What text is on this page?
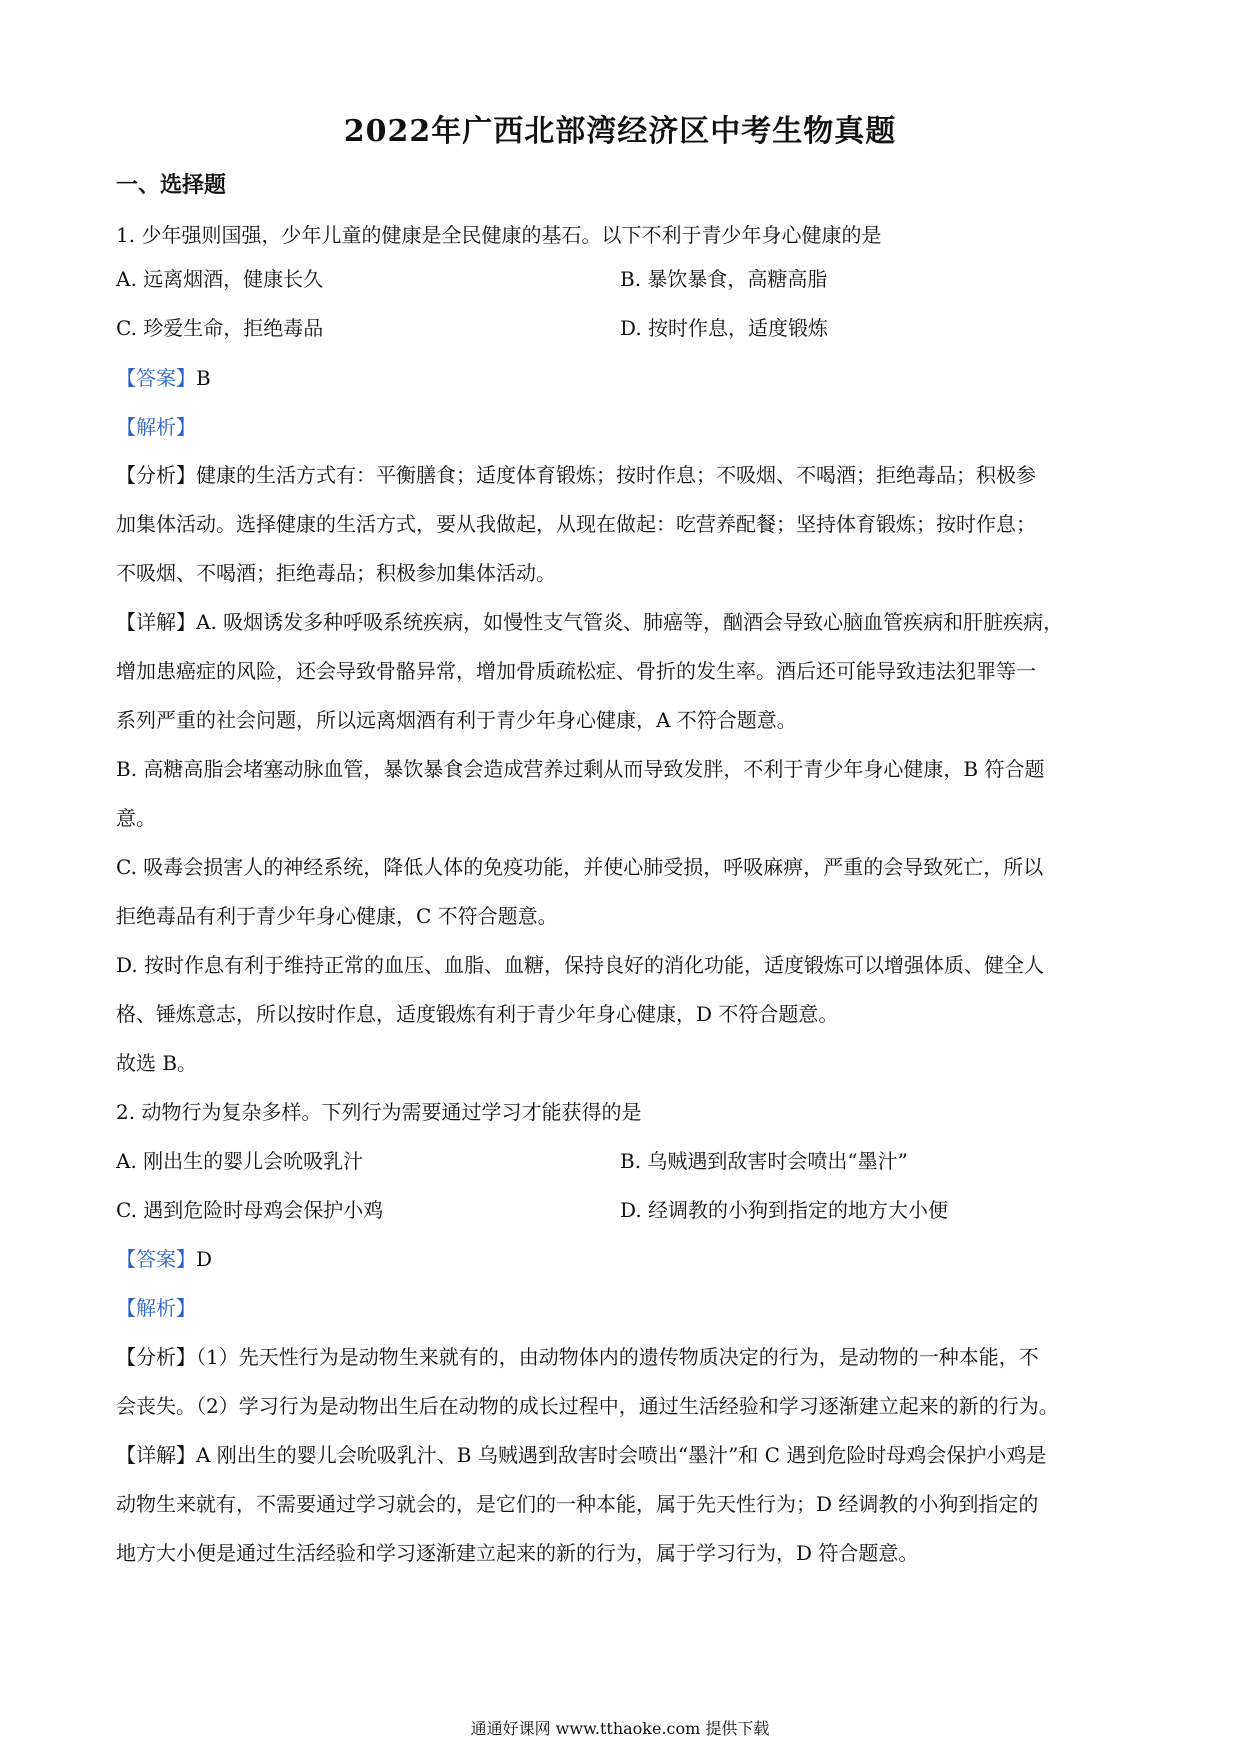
2022年广西北部湾经济区中考生物真题
一、选择题
1. 少年强则国强，少年儿童的健康是全民健康的基石。以下不利于青少年身心健康的是
A. 远离烟酒，健康长久	B. 暴饮暴食，高糖高脂
C. 珍爱生命，拒绝毒品	D. 按时作息，适度锻炼
【答案】B
【解析】
【分析】健康的生活方式有：平衡膳食；适度体育锻炼；按时作息；不吸烟、不喝酒；拒绝毒品；积极参
加集体活动。选择健康的生活方式，要从我做起，从现在做起：吃营养配餐；坚持体育锻炼；按时作息；
不吸烟、不喝酒；拒绝毒品；积极参加集体活动。
【详解】A. 吸烟诱发多种呼吸系统疾病，如慢性支气管炎、肺癌等，酗酒会导致心脑血管疾病和肝脏疾病，
增加患癌症的风险，还会导致骨骼异常，增加骨质疏松症、骨折的发生率。酒后还可能导致违法犯罪等一
系列严重的社会问题，所以远离烟酒有利于青少年身心健康，A 不符合题意。
B. 高糖高脂会堵塞动脉血管，暴饮暴食会造成营养过剩从而导致发胖，不利于青少年身心健康，B 符合题
意。
C. 吸毒会损害人的神经系统，降低人体的免疫功能，并使心肺受损，呼吸麻痹，严重的会导致死亡，所以
拒绝毒品有利于青少年身心健康，C 不符合题意。
D. 按时作息有利于维持正常的血压、血脂、血糖，保持良好的消化功能，适度锻炼可以增强体质、健全人
格、锤炼意志，所以按时作息，适度锻炼有利于青少年身心健康，D 不符合题意。
故选 B。
2. 动物行为复杂多样。下列行为需要通过学习才能获得的是
A. 刚出生的婴儿会吮吸乳汁	B. 乌贼遇到敌害时会喷出“墨汁”
C. 遇到危险时母鸡会保护小鸡	D. 经调教的小狗到指定的地方大小便
【答案】D
【解析】
【分析】（1）先天性行为是动物生来就有的，由动物体内的遗传物质决定的行为，是动物的一种本能，不
会丧失。（2）学习行为是动物出生后在动物的成长过程中，通过生活经验和学习逐渐建立起来的新的行为。
【详解】A 刚出生的婴儿会吮吸乳汁、B 乌贼遇到敌害时会喷出“墨汁”和 C 遇到危险时母鸡会保护小鸡是
动物生来就有，不需要通过学习就会的，是它们的一种本能，属于先天性行为；D 经调教的小狗到指定的
地方大小便是通过生活经验和学习逐渐建立起来的新的行为，属于学习行为，D 符合题意。
通通好课网 www.tthaoke.com 提供下载
